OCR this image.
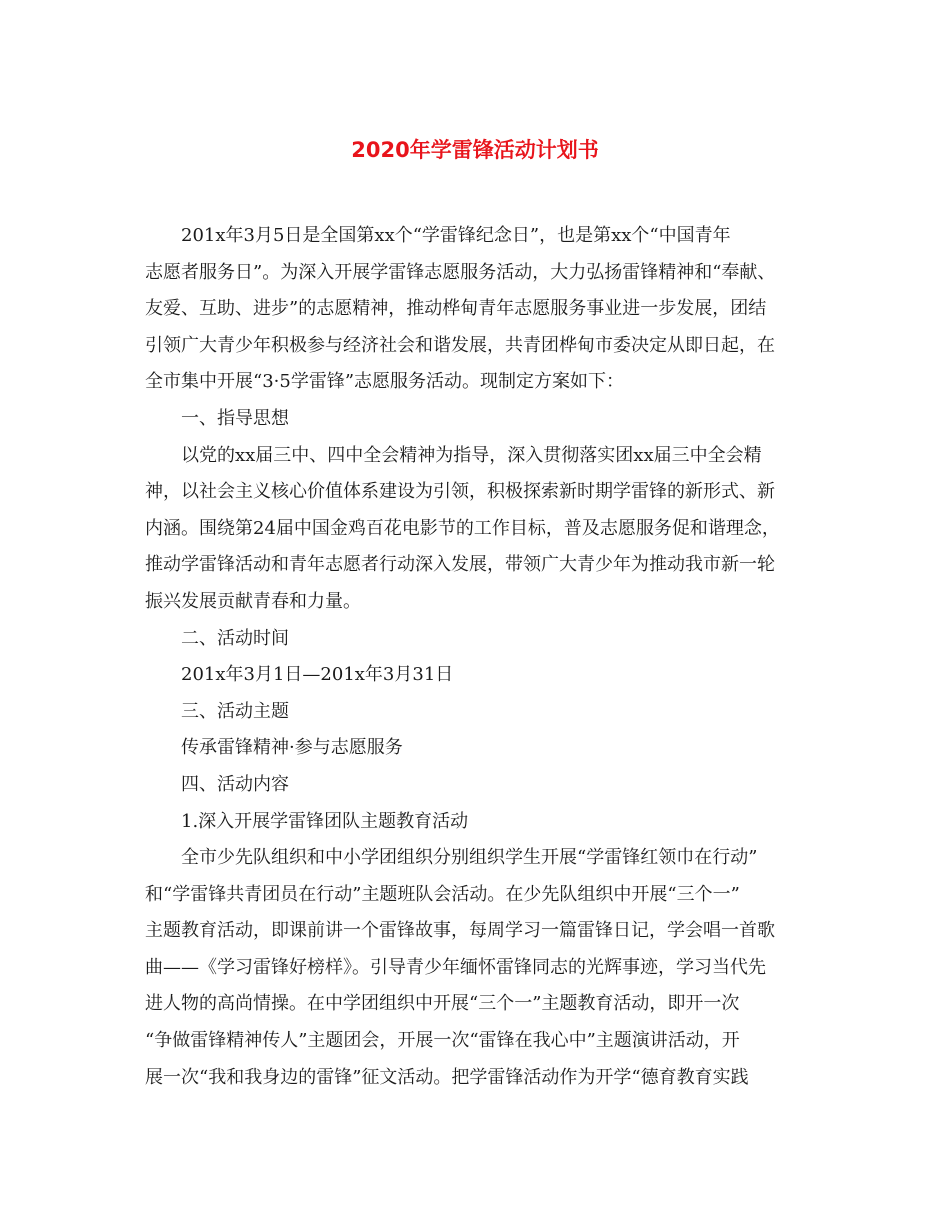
2020年学雷锋活动计划书
201x年3月5日是全国第xx个“学雷锋纪念日”，也是第xx个“中国青年
志愿者服务日”。为深入开展学雷锋志愿服务活动，大力弘扬雷锋精神和“奉献、
友爱、互助、进步”的志愿精神，推动桦甸青年志愿服务事业进一步发展，团结
引领广大青少年积极参与经济社会和谐发展，共青团桦甸市委决定从即日起，在
全市集中开展“3·5学雷锋”志愿服务活动。现制定方案如下：
一、指导思想
以党的xx届三中、四中全会精神为指导，深入贯彻落实团xx届三中全会精
神，以社会主义核心价值体系建设为引领，积极探索新时期学雷锋的新形式、新
内涵。围绕第24届中国金鸡百花电影节的工作目标，普及志愿服务促和谐理念，
推动学雷锋活动和青年志愿者行动深入发展，带领广大青少年为推动我市新一轮
振兴发展贡献青春和力量。
二、活动时间
201x年3月1日—201x年3月31日
三、活动主题
传承雷锋精神·参与志愿服务
四、活动内容
1.深入开展学雷锋团队主题教育活动
全市少先队组织和中小学团组织分别组织学生开展“学雷锋红领巾在行动”
和“学雷锋共青团员在行动”主题班队会活动。在少先队组织中开展“三个一”
主题教育活动，即课前讲一个雷锋故事，每周学习一篇雷锋日记，学会唱一首歌
曲——《学习雷锋好榜样》。引导青少年缅怀雷锋同志的光辉事迹，学习当代先
进人物的高尚情操。在中学团组织中开展“三个一”主题教育活动，即开一次
“争做雷锋精神传人”主题团会，开展一次“雷锋在我心中”主题演讲活动，开
展一次“我和我身边的雷锋”征文活动。把学雷锋活动作为开学“德育教育实践
